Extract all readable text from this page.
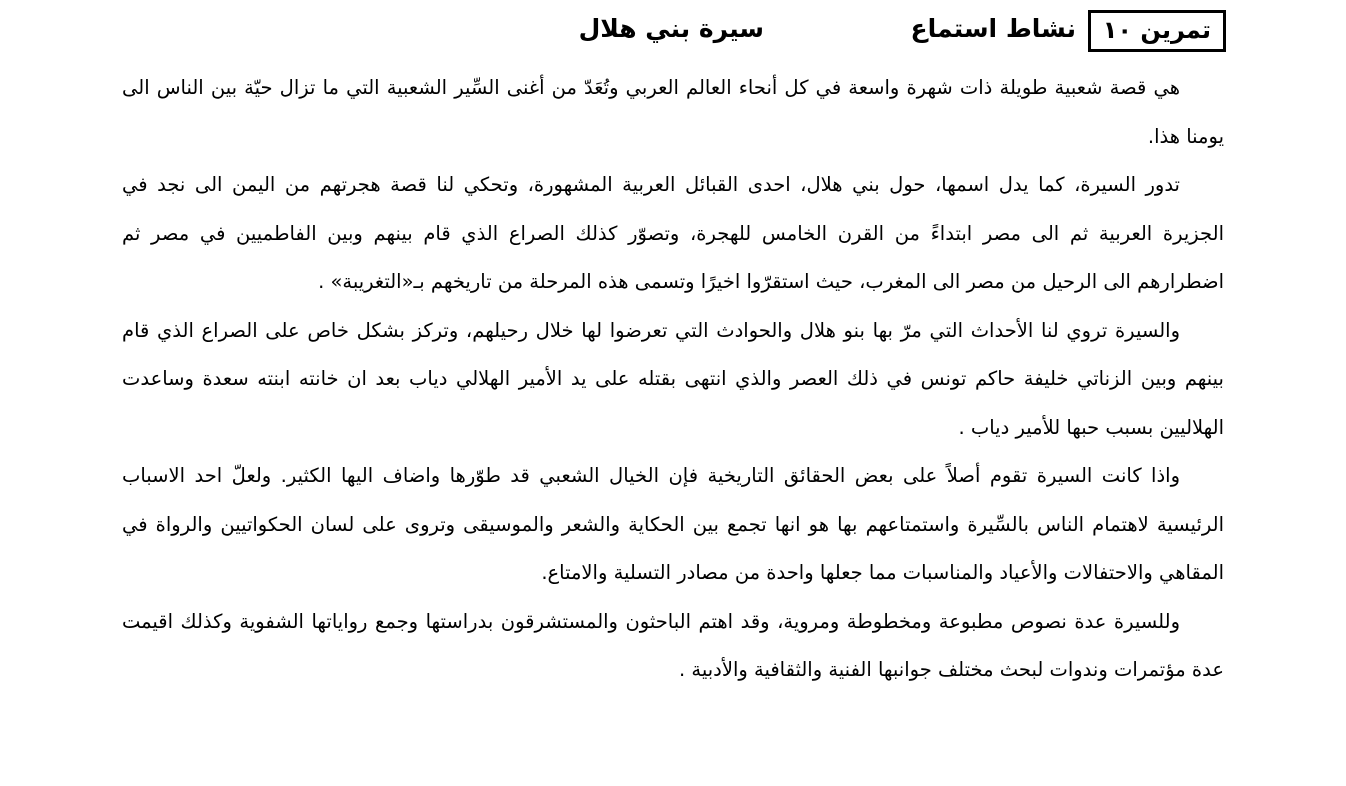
تمرين ١٠
نشاط استماع
سيرة بني هلال

هي قصة شعبية طويلة ذات شهرة واسعة في كل أنحاء العالم العربي وتُعَدّ من أغنى السِّير الشعبية التي ما تزال حيّة بين الناس الى يومنا هذا.

تدور السيرة، كما يدل اسمها، حول بني هلال، احدى القبائل العربية المشهورة، وتحكي لنا قصة هجرتهم من اليمن الى نجد في الجزيرة العربية ثم الى مصر ابتداءً من القرن الخامس للهجرة، وتصوّر كذلك الصراع الذي قام بينهم وبين الفاطميين في مصر ثم اضطرارهم الى الرحيل من مصر الى المغرب، حيث استقرّوا اخيرًا وتسمى هذه المرحلة من تاريخهم بـ«التغريبة» .

والسيرة تروي لنا الأحداث التي مرّ بها بنو هلال والحوادث التي تعرضوا لها خلال رحيلهم، وتركز بشكل خاص على الصراع الذي قام بينهم وبين الزناتي خليفة حاكم تونس في ذلك العصر والذي انتهى بقتله على يد الأمير الهلالي دياب بعد ان خانته ابنته سعدة وساعدت الهلاليين بسبب حبها للأمير دياب .

واذا كانت السيرة تقوم أصلاً على بعض الحقائق التاريخية فإن الخيال الشعبي قد طوّرها واضاف اليها الكثير. ولعلّ احد الاسباب الرئيسية لاهتمام الناس بالسِّيرة واستمتاعهم بها هو انها تجمع بين الحكاية والشعر والموسيقى وتروى على لسان الحكواتيين والرواة في المقاهي والاحتفالات والأعياد والمناسبات مما جعلها واحدة من مصادر التسلية والامتاع.

وللسيرة عدة نصوص مطبوعة ومخطوطة ومروية، وقد اهتم الباحثون والمستشرقون بدراستها وجمع رواياتها الشفوية وكذلك اقيمت عدة مؤتمرات وندوات لبحث مختلف جوانبها الفنية والثقافية والأدبية .
